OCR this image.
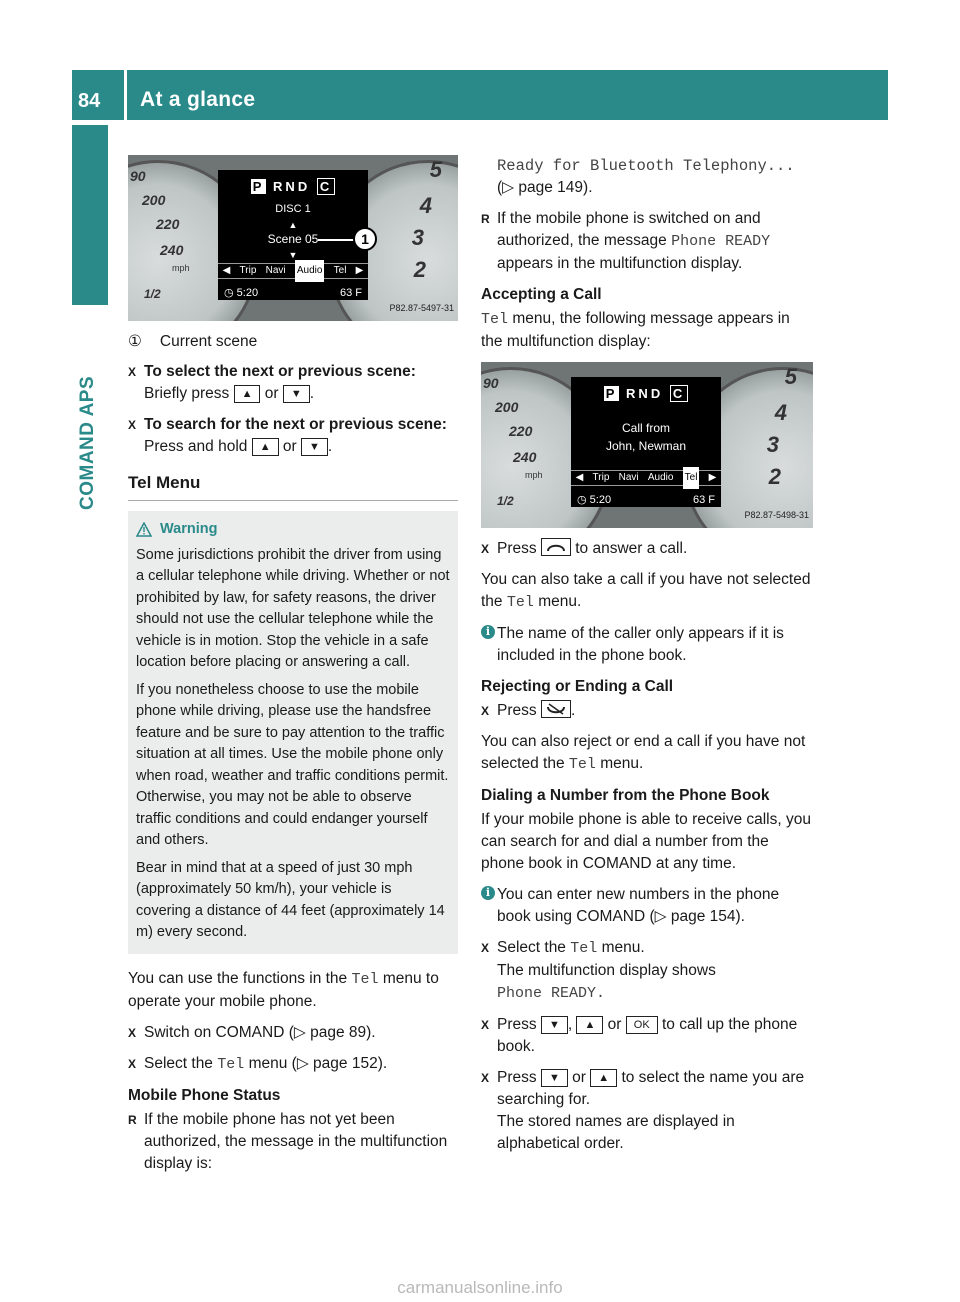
84 At a glance
COMAND APS
90
200
220
240
mph
1/2
5
4
3
2
P RND C
DISC 1
▲
Scene 05
▼
◀ Trip Navi Audio Tel ▶
◷ 5:20	63 F
1
P82.87-5497-31
① Current scene
X To select the next or previous scene:
Briefly press ▲ or ▼ .
X To search for the next or previous scene: Press and hold ▲ or ▼ .
Tel Menu
Warning

Some jurisdictions prohibit the driver from using a cellular telephone while driving. Whether or not prohibited by law, for safety reasons, the driver should not use the cellular telephone while the vehicle is in motion. Stop the vehicle in a safe location before placing or answering a call.

If you nonetheless choose to use the mobile phone while driving, please use the handsfree feature and be sure to pay attention to the traffic situation at all times. Use the mobile phone only when road, weather and traffic conditions permit. Otherwise, you may not be able to observe traffic conditions and could endanger yourself and others.

Bear in mind that at a speed of just 30 mph (approximately 50 km/h), your vehicle is covering a distance of 44 feet (approximately 14 m) every second.

You can use the functions in the Tel menu to operate your mobile phone.

X Switch on COMAND (▷ page 89).
X Select the Tel menu (▷ page 152).
Mobile Phone Status
R If the mobile phone has not yet been authorized, the message in the multifunction display is:
Ready for Bluetooth Telephony...
(▷ page 149).
R If the mobile phone is switched on and authorized, the message Phone READY appears in the multifunction display.
Accepting a Call

Tel menu, the following message appears in the multifunction display:

90
200
220
240
mph
1/2
5
4
3
2
P RND C
Call from
John, Newman
◀ Trip Navi Audio Tel ▶
◷ 5:20	63 F
P82.87-5498-31
X Press to answer a call.

You can also take a call if you have not selected the Tel menu.

i The name of the caller only appears if it is included in the phone book.
Rejecting or Ending a Call
X Press .

You can also reject or end a call if you have not selected the Tel menu.

Dialing a Number from the Phone Book

If your mobile phone is able to receive calls, you can search for and dial a number from the phone book in COMAND at any time.

i You can enter new numbers in the phone book using COMAND (▷ page 154).
X Select the Tel menu.
The multifunction display shows
Phone READY.
X Press ▼ , ▲ or OK to call up the phone book.
X Press ▼ or ▲ to select the name you are searching for.
The stored names are displayed in alphabetical order.
carmanualsonline.info
